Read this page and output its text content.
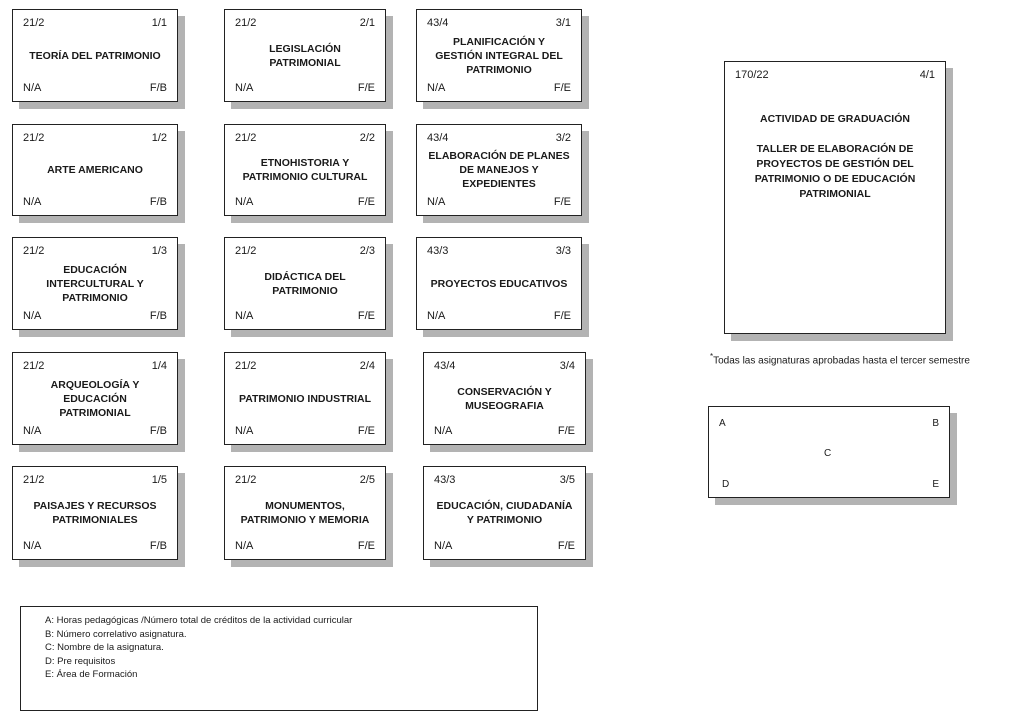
21/2	1/1
TEORÍA DEL PATRIMONIO
N/A	F/B
21/2	2/1
LEGISLACIÓN
PATRIMONIAL
N/A	F/E
43/4	3/1
PLANIFICACIÓN Y
GESTIÓN INTEGRAL DEL
PATRIMONIO
N/A	F/E
21/2	1/2
ARTE AMERICANO
N/A	F/B
21/2	2/2
ETNOHISTORIA Y
PATRIMONIO CULTURAL
N/A	F/E
43/4	3/2
ELABORACIÓN DE PLANES
DE MANEJOS Y
EXPEDIENTES
N/A	F/E
21/2	1/3
EDUCACIÓN
INTERCULTURAL Y
PATRIMONIO
N/A	F/B
21/2	2/3
DIDÁCTICA DEL
PATRIMONIO
N/A	F/E
43/3	3/3
PROYECTOS EDUCATIVOS
N/A	F/E
21/2	1/4
ARQUEOLOGÍA Y
EDUCACIÓN
PATRIMONIAL
N/A	F/B
21/2	2/4
PATRIMONIO INDUSTRIAL
N/A	F/E
43/4	3/4
CONSERVACIÓN Y
MUSEOGRAFIA
N/A	F/E
21/2	1/5
PAISAJES Y RECURSOS
PATRIMONIALES
N/A	F/B
21/2	2/5
MONUMENTOS,
PATRIMONIO Y MEMORIA
N/A	F/E
43/3	3/5
EDUCACIÓN, CIUDADANÍA
Y PATRIMONIO
N/A	F/E
170/22	4/1
ACTIVIDAD DE GRADUACIÓN

TALLER DE ELABORACIÓN DE
PROYECTOS DE GESTIÓN DEL
PATRIMONIO O DE EDUCACIÓN
PATRIMONIAL
*Todas las asignaturas aprobadas hasta el tercer semestre
A	B
C
D	E
A: Horas pedagógicas /Número total de créditos de la actividad curricular
B: Número correlativo asignatura.
C: Nombre de la asignatura.
D: Pre requisitos
E: Área de Formación
